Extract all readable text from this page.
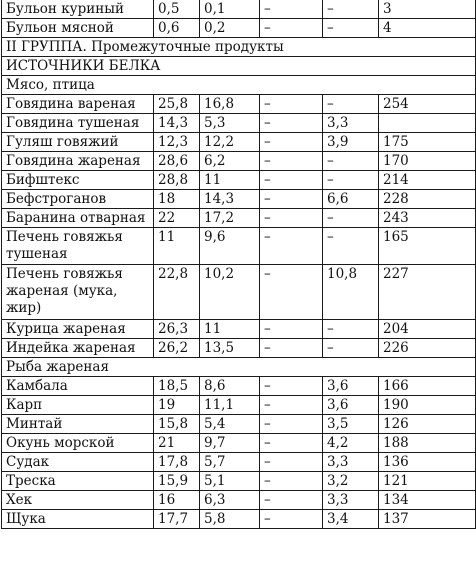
Бульон куриный	0,5	0,1	–	–	3
Бульон мясной	0,6	0,2	–	–	4
II ГРУППА. Промежуточные продукты					
ИСТОЧНИКИ БЕЛКА					
Мясо, птица					
Говядина вареная	25,8	16,8	–	–	254
Говядина тушеная	14,3	5,3	–	3,3	
Гуляш говяжий	12,3	12,2	–	3,9	175
Говядина жареная	28,6	6,2	–	–	170
Бифштекс	28,8	11	–	–	214
Бефстроганов	18	14,3	–	6,6	228
Баранина отварная	22	17,2	–	–	243
Печень говяжья тушеная	11	9,6	–	–	165
Печень говяжья жареная (мука, жир)	22,8	10,2	–	10,8	227
Курица жареная	26,3	11	–	–	204
Индейка жареная	26,2	13,5	–	–	226
Рыба жареная					
Камбала	18,5	8,6	–	3,6	166
Карп	19	11,1	–	3,6	190
Минтай	15,8	5,4	–	3,5	126
Окунь морской	21	9,7	–	4,2	188
Судак	17,8	5,7	–	3,3	136
Треска	15,9	5,1	–	3,2	121
Хек	16	6,3	–	3,3	134
Щука	17,7	5,8	–	3,4	137
